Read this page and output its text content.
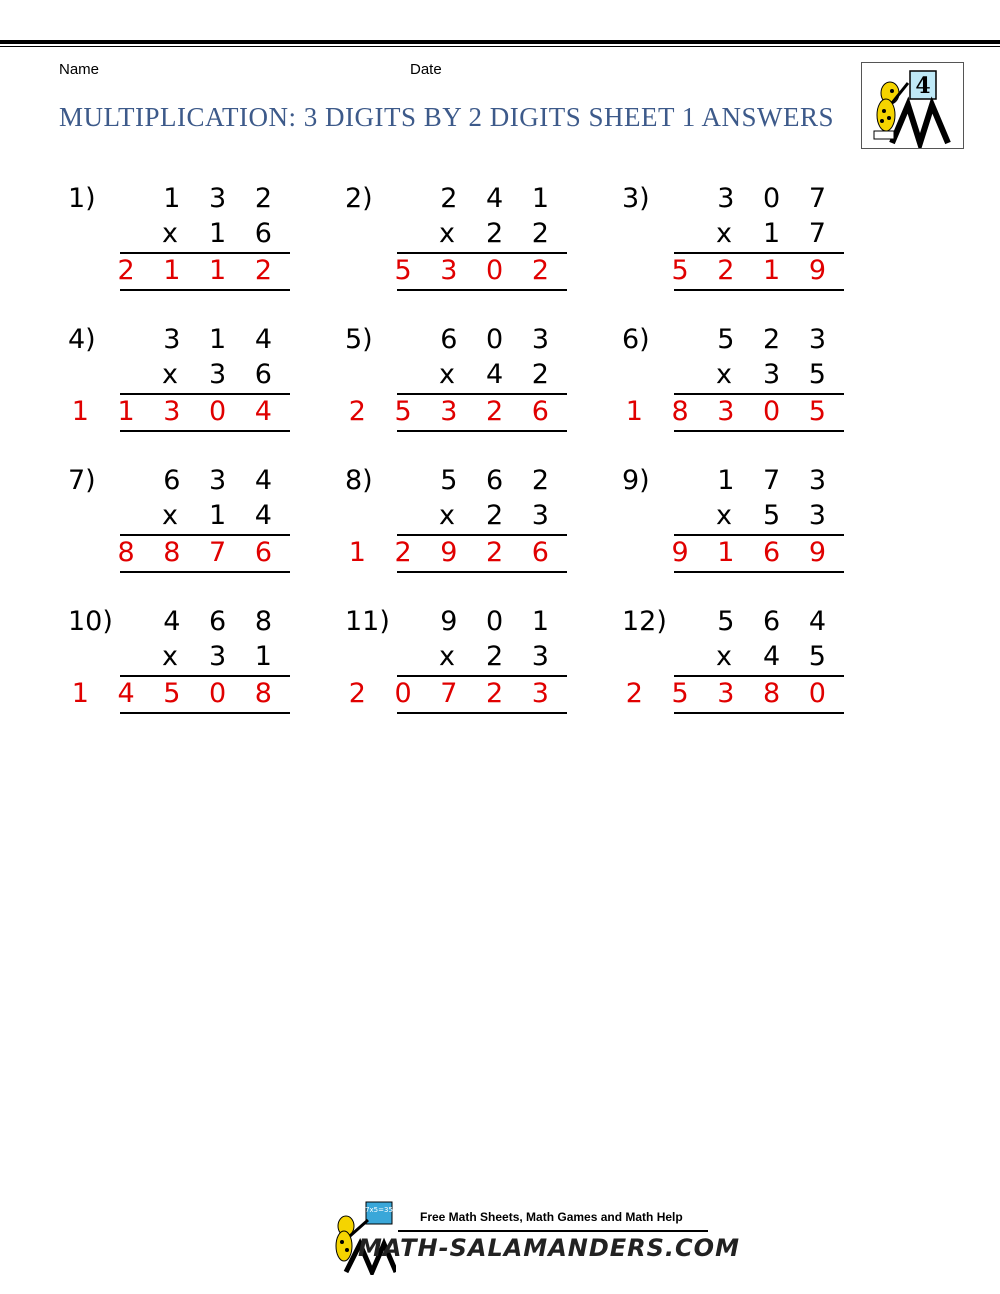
Name	Date
MULTIPLICATION: 3 DIGITS BY 2 DIGITS SHEET 1 ANSWERS
4
1)	1 3 2
x 1 6
2 1 1 2
2)	2 4 1
x 2 2
5 3 0 2
3)	3 0 7
x 1 7
5 2 1 9
4)	3 1 4
x 3 6
1 1 3 0 4
5)	6 0 3
x 4 2
2 5 3 2 6
6)	5 2 3
x 3 5
1 8 3 0 5
7)	6 3 4
x 1 4
8 8 7 6
8)	5 6 2
x 2 3
1 2 9 2 6
9)	1 7 3
x 5 3
9 1 6 9
10) 4 6 8
x 3 1
1 4 5 0 8
11) 9 0 1
x 2 3
2 0 7 2 3
12) 5 6 4
x 4 5
2 5 3 8 0
7x5=35 Free Math Sheets, Math Games and Math Help
MATH-SALAMANDERS.COM
